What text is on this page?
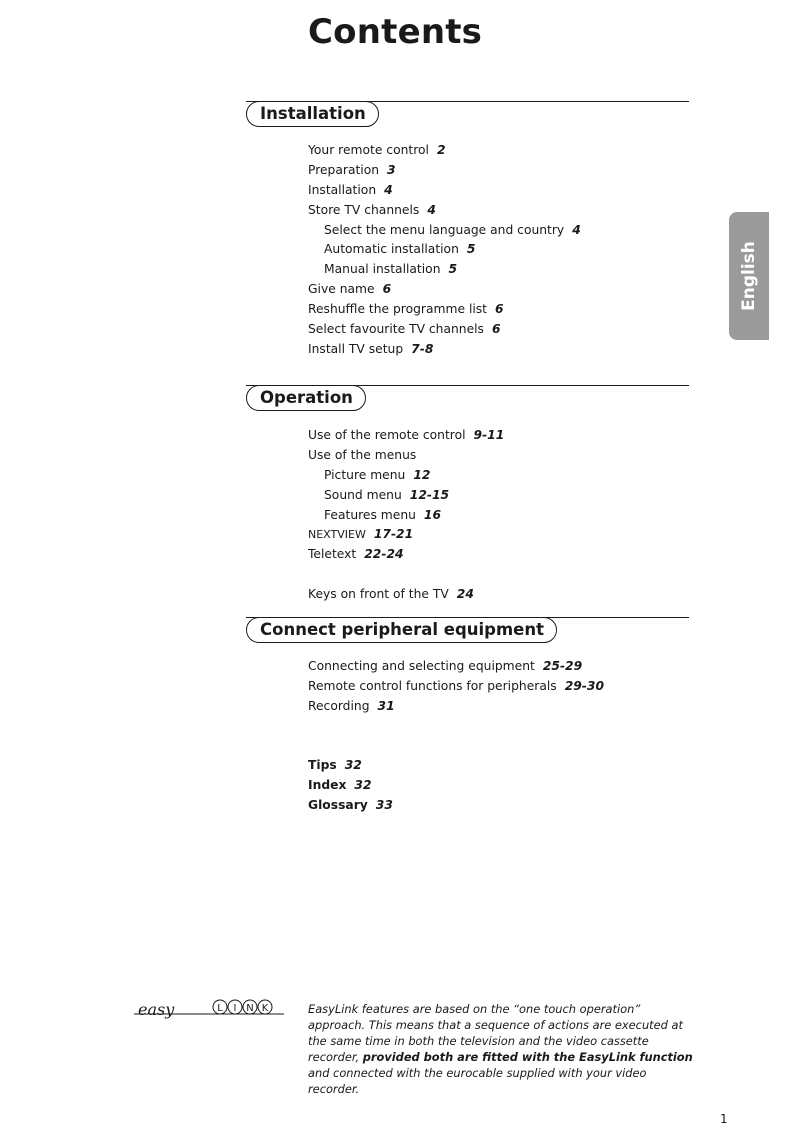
Contents
Installation
Your remote control 2
Preparation 3
Installation 4
Store TV channels 4
Select the menu language and country 4
Automatic installation 5
Manual installation 5
Give name 6
Reshuffle the programme list 6
Select favourite TV channels 6
Install TV setup 7-8
Operation
Use of the remote control 9-11
Use of the menus
Picture menu 12
Sound menu 12-15
Features menu 16
NEXTVIEW 17-21
Teletext 22-24
Keys on front of the TV 24
Connect peripheral equipment
Connecting and selecting equipment 25-29
Remote control functions for peripherals 29-30
Recording 31
Tips 32
Index 32
Glossary 33
English
easy	L I N K	EasyLink features are based on the “one touch operation” approach. This means that a sequence of actions are executed at the same time in both the television and the video cassette recorder, provided both are fitted with the EasyLink function and connected with the eurocable supplied with your video recorder.
1
